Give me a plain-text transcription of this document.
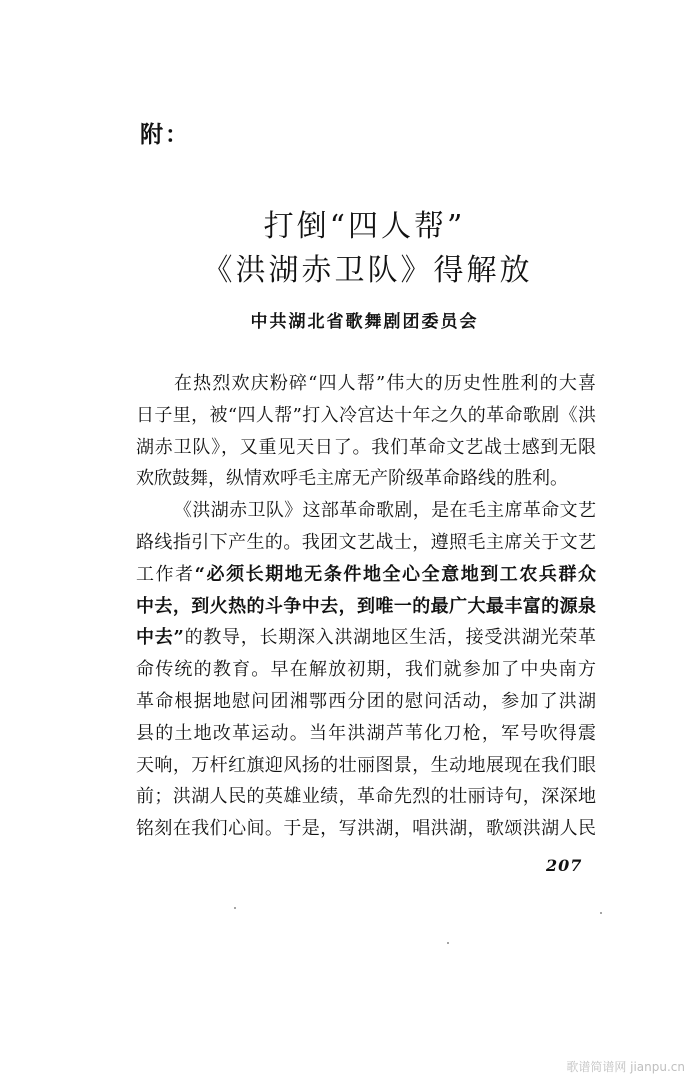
附：
打倒“四人帮”
《洪湖赤卫队》得解放
中共湖北省歌舞剧团委员会
在热烈欢庆粉碎“四人帮”伟大的历史性胜利的大喜
日子里，被“四人帮”打入冷宫达十年之久的革命歌剧《洪
湖赤卫队》，又重见天日了。我们革命文艺战士感到无限
欢欣鼓舞，纵情欢呼毛主席无产阶级革命路线的胜利。
《洪湖赤卫队》这部革命歌剧，是在毛主席革命文艺
路线指引下产生的。我团文艺战士，遵照毛主席关于文艺
工作者“必须长期地无条件地全心全意地到工农兵群众
中去，到火热的斗争中去，到唯一的最广大最丰富的源泉
中去”的教导，长期深入洪湖地区生活，接受洪湖光荣革
命传统的教育。早在解放初期，我们就参加了中央南方
革命根据地慰问团湘鄂西分团的慰问活动，参加了洪湖
县的土地改革运动。当年洪湖芦苇化刀枪，军号吹得震
天响，万杆红旗迎风扬的壮丽图景，生动地展现在我们眼
前；洪湖人民的英雄业绩，革命先烈的壮丽诗句，深深地
铭刻在我们心间。于是，写洪湖，唱洪湖，歌颂洪湖人民
207
歌谱简谱网 jianpu.cn
